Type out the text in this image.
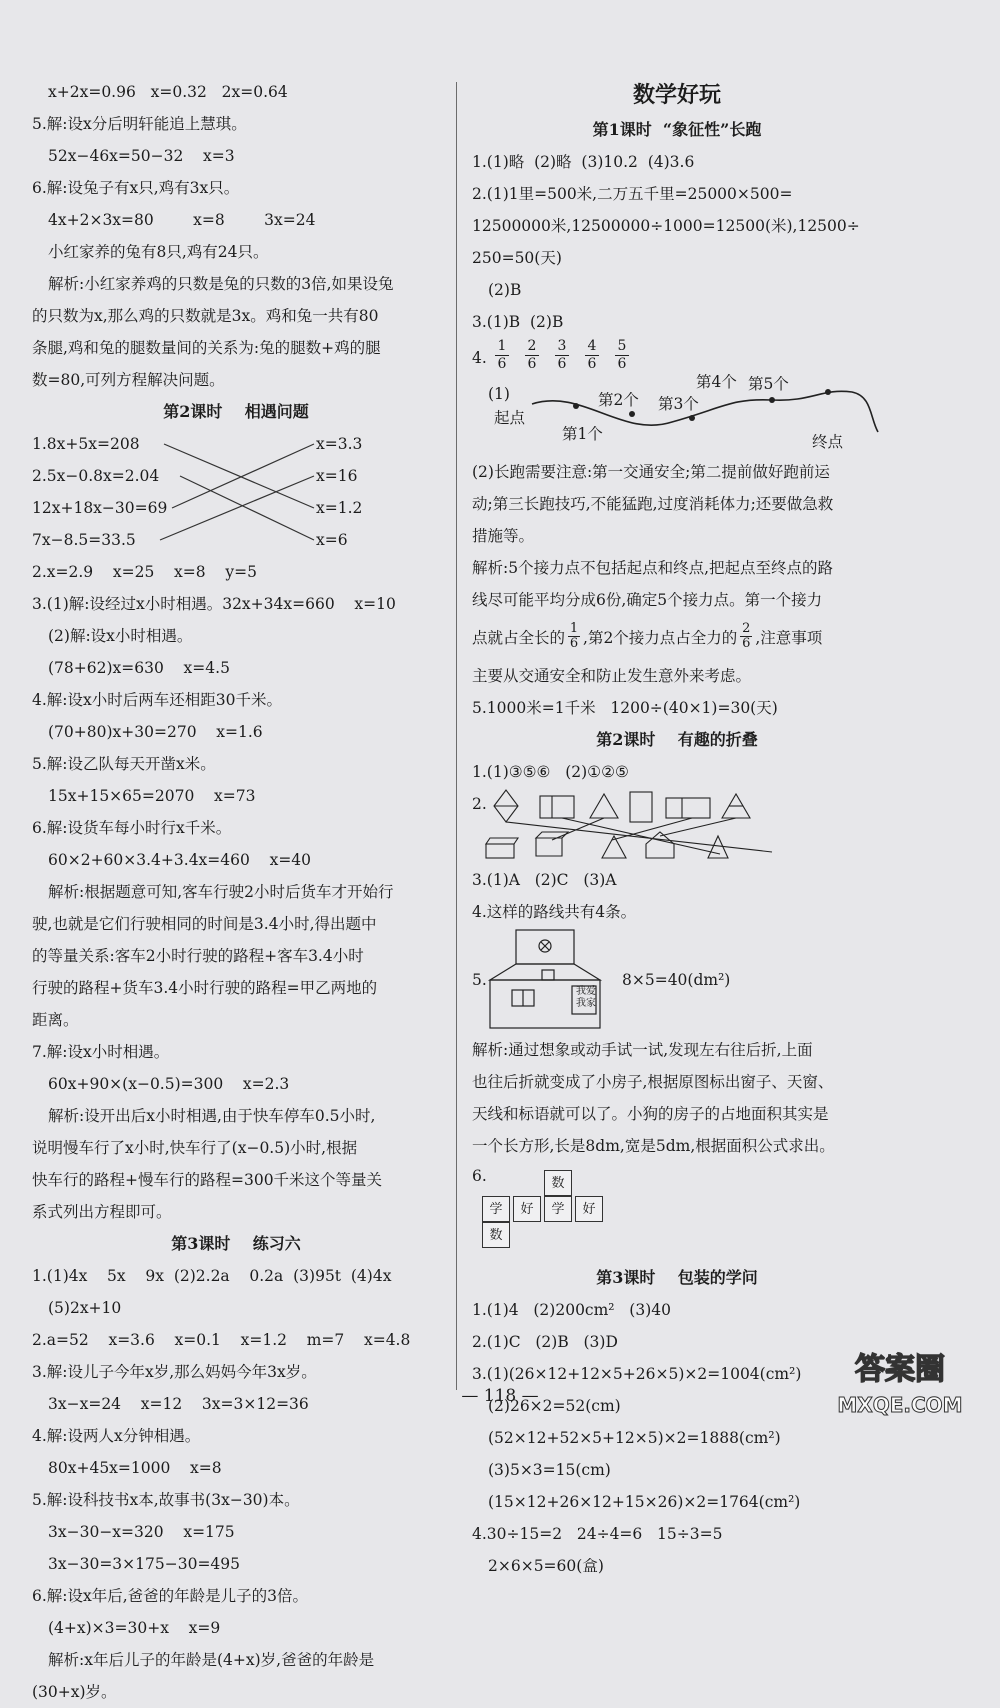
x+2x=0.96   x=0.32   2x=0.64
5.解:设x分后明轩能追上慧琪。
52x−46x=50−32    x=3
6.解:设兔子有x只,鸡有3x只。
4x+2×3x=80        x=8        3x=24
小红家养的兔有8只,鸡有24只。
解析:小红家养鸡的只数是兔的只数的3倍,如果设兔
的只数为x,那么鸡的只数就是3x。鸡和兔一共有80
条腿,鸡和兔的腿数量间的关系为:兔的腿数+鸡的腿
数=80,可列方程解决问题。
第2课时    相遇问题
1.8x+5x=208
2.5x−0.8x=2.04
12x+18x−30=69
7x−8.5=33.5
x=3.3
x=16
x=1.2
x=6
2.x=2.9    x=25    x=8    y=5
3.(1)解:设经过x小时相遇。32x+34x=660    x=10
(2)解:设x小时相遇。
(78+62)x=630    x=4.5
4.解:设x小时后两车还相距30千米。
(70+80)x+30=270    x=1.6
5.解:设乙队每天开凿x米。
15x+15×65=2070    x=73
6.解:设货车每小时行x千米。
60×2+60×3.4+3.4x=460    x=40
解析:根据题意可知,客车行驶2小时后货车才开始行
驶,也就是它们行驶相同的时间是3.4小时,得出题中
的等量关系:客车2小时行驶的路程+客车3.4小时
行驶的路程+货车3.4小时行驶的路程=甲乙两地的
距离。
7.解:设x小时相遇。
60x+90×(x−0.5)=300    x=2.3
解析:设开出后x小时相遇,由于快车停车0.5小时,
说明慢车行了x小时,快车行了(x−0.5)小时,根据
快车行的路程+慢车行的路程=300千米这个等量关
系式列出方程即可。
第3课时    练习六
1.(1)4x    5x    9x  (2)2.2a    0.2a  (3)95t  (4)4x
(5)2x+10
2.a=52    x=3.6    x=0.1    x=1.2    m=7    x=4.8
3.解:设儿子今年x岁,那么妈妈今年3x岁。
3x−x=24    x=12    3x=3×12=36
4.解:设两人x分钟相遇。
80x+45x=1000    x=8
5.解:设科技书x本,故事书(3x−30)本。
3x−30−x=320    x=175
3x−30=3×175−30=495
6.解:设x年后,爸爸的年龄是儿子的3倍。
(4+x)×3=30+x    x=9
解析:x年后儿子的年龄是(4+x)岁,爸爸的年龄是
(30+x)岁。
数学好玩
第1课时  “象征性”长跑
1.(1)略  (2)略  (3)10.2  (4)3.6
2.(1)1里=500米,二万五千里=25000×500=
12500000米,12500000÷1000=12500(米),12500÷
250=50(天)
(2)B
3.(1)B  (2)B
4.
1
6
2
6
3
6
4
6
5
6
(1)
起点
第1个
第2个 第3个
第4个 第5个
终点
(2)长跑需要注意:第一交通安全;第二提前做好跑前运
动;第三长跑技巧,不能猛跑,过度消耗体力;还要做急救
措施等。
解析:5个接力点不包括起点和终点,把起点至终点的路
线尽可能平均分成6份,确定5个接力点。第一个接力
点就占全长的 1
6 ,第2个接力点占全力的 2
6 ,注意事项
主要从交通安全和防止发生意外来考虑。
5.1000米=1千米   1200÷(40×1)=30(天)
第2课时    有趣的折叠
1.(1)③⑤⑥   (2)①②⑤
2.
3.(1)A   (2)C   (3)A
4.这样的路线共有4条。
5.
我爱我家
8×5=40(dm²)
解析:通过想象或动手试一试,发现左右往后折,上面
也往后折就变成了小房子,根据原图标出窗子、天窗、
天线和标语就可以了。小狗的房子的占地面积其实是
一个长方形,长是8dm,宽是5dm,根据面积公式求出。
6.	数
学	好	学	好
数
第3课时    包装的学问
1.(1)4   (2)200cm²   (3)40
2.(1)C   (2)B   (3)D
3.(1)(26×12+12×5+26×5)×2=1004(cm²)
(2)26×2=52(cm)
(52×12+52×5+12×5)×2=1888(cm²)
(3)5×3=15(cm)
(15×12+26×12+15×26)×2=1764(cm²)
4.30÷15=2   24÷4=6   15÷3=5
2×6×5=60(盒)
— 118 —
答案圈
MXQE.COM
